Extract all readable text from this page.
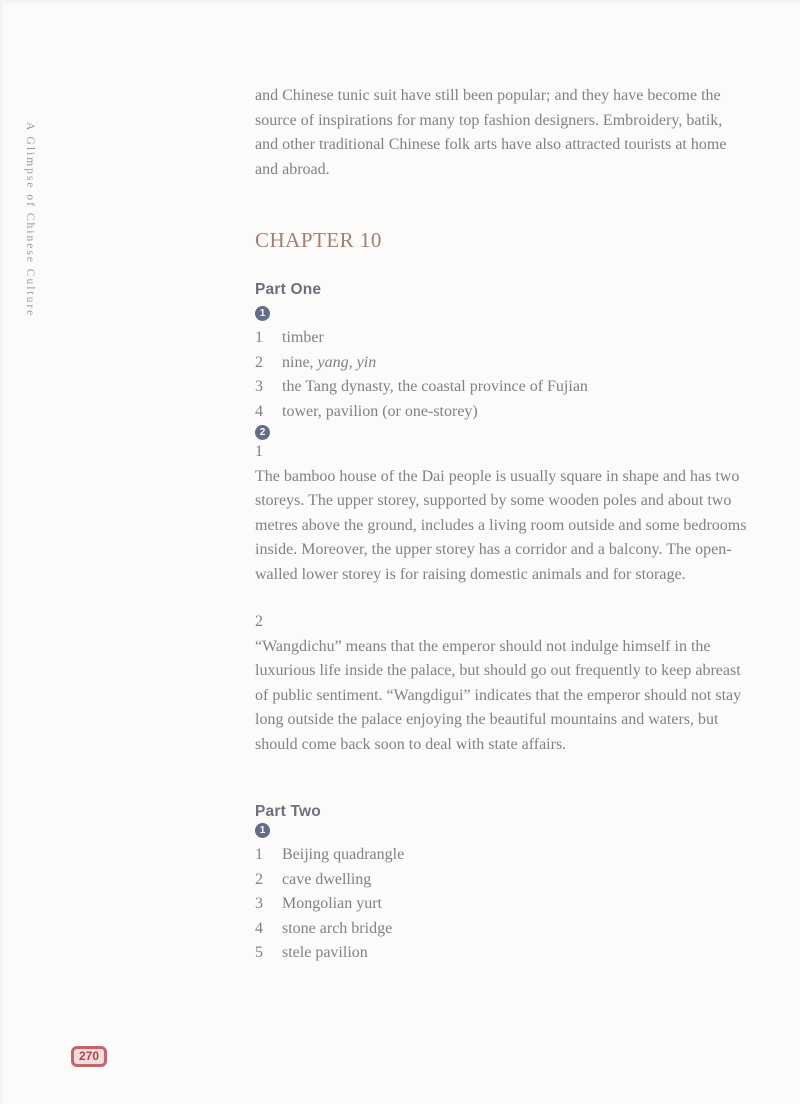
A Glimpse of Chinese Culture

and Chinese tunic suit have still been popular; and they have become the source of inspirations for many top fashion designers. Embroidery, batik, and other traditional Chinese folk arts have also attracted tourists at home and abroad.

CHAPTER 10
Part One
1
1	timber
2	nine, yang, yin
3	the Tang dynasty, the coastal province of Fujian
4	tower, pavilion (or one-storey)
2
1

The bamboo house of the Dai people is usually square in shape and has two storeys. The upper storey, supported by some wooden poles and about two metres above the ground, includes a living room outside and some bedrooms inside. Moreover, the upper storey has a corridor and a balcony. The open-walled lower storey is for raising domestic animals and for storage.

2

“Wangdichu” means that the emperor should not indulge himself in the luxurious life inside the palace, but should go out frequently to keep abreast of public sentiment. “Wangdigui” indicates that the emperor should not stay long outside the palace enjoying the beautiful mountains and waters, but should come back soon to deal with state affairs.

Part Two
1
1	Beijing quadrangle
2	cave dwelling
3	Mongolian yurt
4	stone arch bridge
5	stele pavilion
270
